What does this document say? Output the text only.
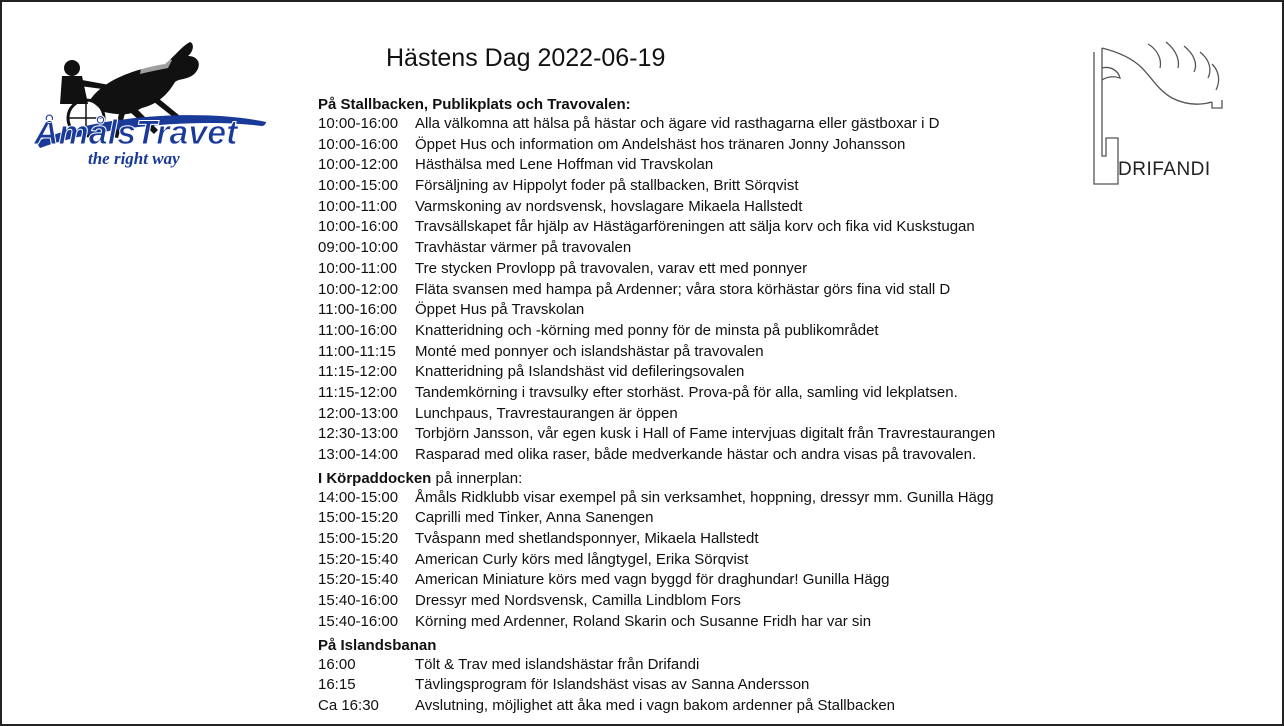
ÅmålsTravet
the right way
DRIFANDI
Hästens Dag 2022-06-19
På Stallbacken, Publikplats och Travovalen:
10:00-16:00	Alla välkomna att hälsa på hästar och ägare vid rasthagarna eller gästboxar i D
10:00-16:00	Öppet Hus och information om Andelshäst hos tränaren Jonny Johansson
10:00-12:00	Hästhälsa med Lene Hoffman vid Travskolan
10:00-15:00	Försäljning av Hippolyt foder på stallbacken, Britt Sörqvist
10:00-11:00	Varmskoning av nordsvensk, hovslagare Mikaela Hallstedt
10:00-16:00	Travsällskapet får hjälp av Hästägarföreningen att sälja korv och fika vid Kuskstugan
09:00-10:00	Travhästar värmer på travovalen
10:00-11:00	Tre stycken Provlopp på travovalen, varav ett med ponnyer
10:00-12:00	Fläta svansen med hampa på Ardenner; våra stora körhästar görs fina vid stall D
11:00-16:00	Öppet Hus på Travskolan
11:00-16:00	Knatteridning och -körning med ponny för de minsta på publikområdet
11:00-11:15	Monté med ponnyer och islandshästar på travovalen
11:15-12:00	Knatteridning på Islandshäst vid defileringsovalen
11:15-12:00	Tandemkörning i travsulky efter storhäst. Prova-på för alla, samling vid lekplatsen.
12:00-13:00	Lunchpaus, Travrestaurangen är öppen
12:30-13:00	Torbjörn Jansson, vår egen kusk i Hall of Fame intervjuas digitalt från Travrestaurangen
13:00-14:00	Rasparad med olika raser, både medverkande hästar och andra visas på travovalen.
I Körpaddocken på innerplan:
14:00-15:00	Åmåls Ridklubb visar exempel på sin verksamhet, hoppning, dressyr mm. Gunilla Hägg
15:00-15:20	Caprilli med Tinker, Anna Sanengen
15:00-15:20	Tvåspann med shetlandsponnyer, Mikaela Hallstedt
15:20-15:40	American Curly körs med långtygel, Erika Sörqvist
15:20-15:40	American Miniature körs med vagn byggd för draghundar! Gunilla Hägg
15:40-16:00	Dressyr med Nordsvensk, Camilla Lindblom Fors
15:40-16:00	Körning med Ardenner, Roland Skarin och Susanne Fridh har var sin
På Islandsbanan
16:00	Tölt & Trav med islandshästar från Drifandi
16:15	Tävlingsprogram för Islandshäst visas av Sanna Andersson
Ca 16:30	Avslutning, möjlighet att åka med i vagn bakom ardenner på Stallbacken
